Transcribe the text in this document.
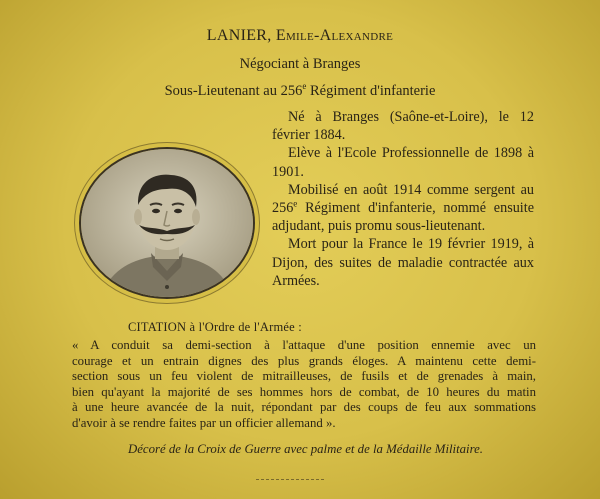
LANIER, Emile-Alexandre
Négociant à Branges
Sous-Lieutenant au 256e Régiment d'infanterie

Né à Branges (Saône-et-Loire), le 12 février 1884.

Elève à l'Ecole Professionnelle de 1898 à 1901.

Mobilisé en août 1914 comme sergent au 256e Régiment d'infanterie, nommé ensuite adjudant, puis promu sous-lieutenant.

Mort pour la France le 19 février 1919, à Dijon, des suites de maladie contractée aux Armées.

CITATION à l'Ordre de l'Armée :
« A conduit sa demi-section à l'attaque d'une position ennemie avec un
courage et un entrain dignes des plus grands éloges. A maintenu cette demi-
section sous un feu violent de mitrailleuses, de fusils et de grenades à main,
bien qu'ayant la majorité de ses hommes hors de combat, de 10 heures du matin
à une heure avancée de la nuit, répondant par des coups de feu aux sommations
d'avoir à se rendre faites par un officier allemand ».
Décoré de la Croix de Guerre avec palme et de la Médaille Militaire.
